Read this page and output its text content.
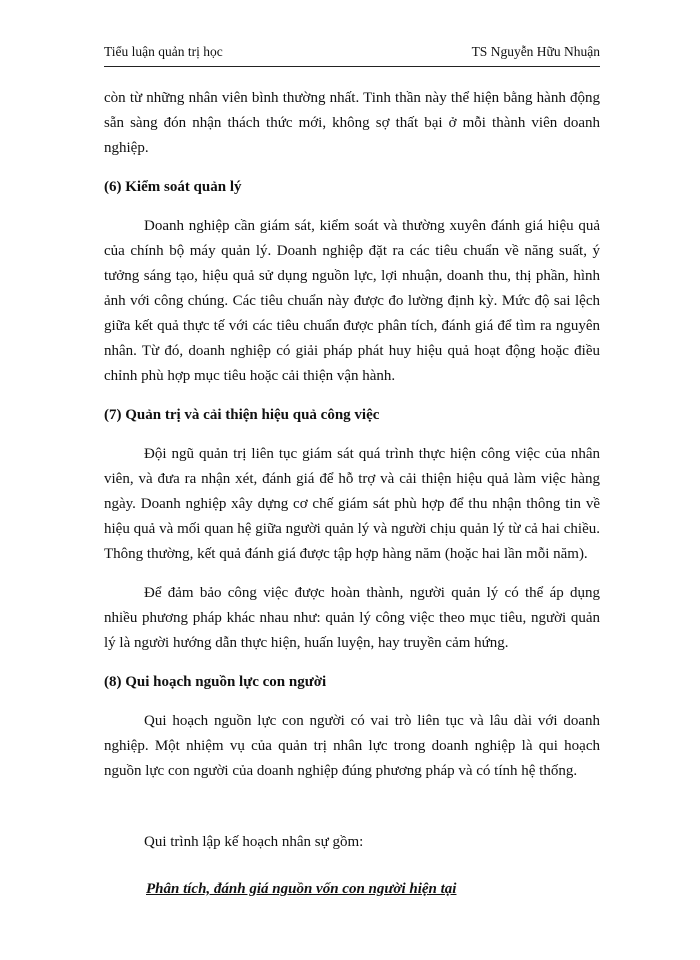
Tiểu luận quản trị học	TS Nguyễn Hữu Nhuận

còn từ những nhân viên bình thường nhất. Tinh thần này thể hiện bằng hành động sẵn sàng đón nhận thách thức mới, không sợ thất bại ở mỗi thành viên doanh nghiệp.

(6) Kiểm soát quản lý

Doanh nghiệp cần giám sát, kiểm soát và thường xuyên đánh giá hiệu quả của chính bộ máy quản lý. Doanh nghiệp đặt ra các tiêu chuẩn về năng suất, ý tưởng sáng tạo, hiệu quả sử dụng nguồn lực, lợi nhuận, doanh thu, thị phần, hình ảnh với công chúng. Các tiêu chuẩn này được đo lường định kỳ. Mức độ sai lệch giữa kết quả thực tế với các tiêu chuẩn được phân tích, đánh giá để tìm ra nguyên nhân. Từ đó, doanh nghiệp có giải pháp phát huy hiệu quả hoạt động hoặc điều chỉnh phù hợp mục tiêu hoặc cải thiện vận hành.

(7) Quản trị và cải thiện hiệu quả công việc

Đội ngũ quản trị liên tục giám sát quá trình thực hiện công việc của nhân viên, và đưa ra nhận xét, đánh giá để hỗ trợ và cải thiện hiệu quả làm việc hàng ngày. Doanh nghiệp xây dựng cơ chế giám sát phù hợp để thu nhận thông tin về hiệu quả và mối quan hệ giữa người quản lý và người chịu quản lý từ cả hai chiều. Thông thường, kết quả đánh giá được tập hợp hàng năm (hoặc hai lần mỗi năm).

Để đảm bảo công việc được hoàn thành, người quản lý có thể áp dụng nhiều phương pháp khác nhau như: quản lý công việc theo mục tiêu, người quản lý là người hướng dẫn thực hiện, huấn luyện, hay truyền cảm hứng.

(8) Qui hoạch nguồn lực con người

Qui hoạch nguồn lực con người có vai trò liên tục và lâu dài với doanh nghiệp. Một nhiệm vụ của quản trị nhân lực trong doanh nghiệp là qui hoạch nguồn lực con người của doanh nghiệp đúng phương pháp và có tính hệ thống.

Qui trình lập kế hoạch nhân sự gồm:

Phân tích, đánh giá nguồn vốn con người hiện tại
